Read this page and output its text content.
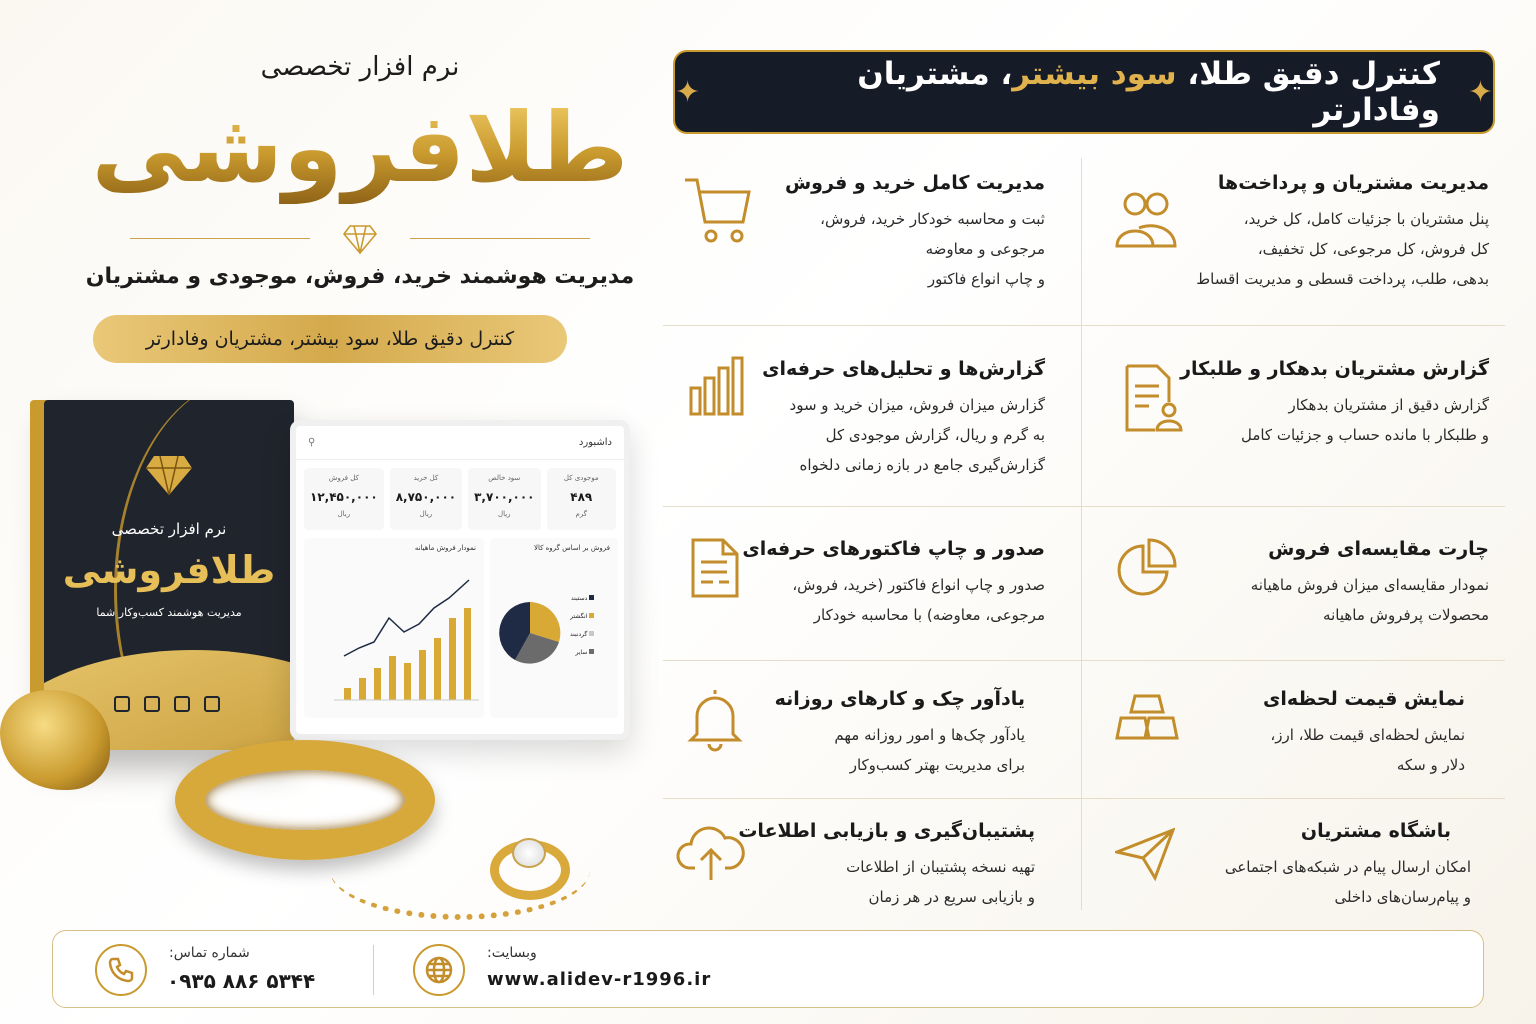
نرم افزار تخصصی
طلافروشی
مدیریت هوشمند خرید، فروش، موجودی و مشتریان
کنترل دقیق طلا، سود بیشتر، مشتریان وفادارتر
نرم افزار تخصصی
طلافروشی
مدیریت هوشمند کسب‌وکار شما
داشبورد
⚲
موجودی کل
۴۸۹
گرم
سود خالص
۳,۷۰۰,۰۰۰
ریال
کل خرید
۸,۷۵۰,۰۰۰
ریال
کل فروش
۱۲,۴۵۰,۰۰۰
ریال
نمودار فروش ماهیانه	فروش بر اساس گروه کالا
دستبند
انگشتر
گردنبند
سایر
✦	کنترل دقیق طلا، سود بیشتر، مشتریان وفادارتر ✦
مدیریت مشتریان و پرداخت‌ها

پنل مشتریان با جزئیات کامل، کل خرید،

کل فروش، کل مرجوعی، کل تخفیف،

بدهی، طلب، پرداخت قسطی و مدیریت اقساط

مدیریت کامل خرید و فروش

ثبت و محاسبه خودکار خرید، فروش،

مرجوعی و معاوضه

و چاپ انواع فاکتور

گزارش مشتریان بدهکار و طلبکار

گزارش دقیق از مشتریان بدهکار

و طلبکار با مانده حساب و جزئیات کامل

گزارش‌ها و تحلیل‌های حرفه‌ای

گزارش میزان فروش، میزان خرید و سود

به گرم و ریال، گزارش موجودی کل

گزارش‌گیری جامع در بازه زمانی دلخواه

چارت مقایسه‌ای فروش

نمودار مقایسه‌ای میزان فروش ماهیانه

محصولات پرفروش ماهیانه

صدور و چاپ فاکتورهای حرفه‌ای

صدور و چاپ انواع فاکتور (خرید، فروش،

مرجوعی، معاوضه) با محاسبه خودکار

نمایش قیمت لحظه‌ای

نمایش لحظه‌ای قیمت طلا، ارز،

دلار و سکه

یادآور چک و کارهای روزانه

یادآور چک‌ها و امور روزانه مهم

برای مدیریت بهتر کسب‌وکار

باشگاه مشتریان

امکان ارسال پیام در شبکه‌های اجتماعی

و پیام‌رسان‌های داخلی

پشتیبان‌گیری و بازیابی اطلاعات

تهیه نسخه پشتیبان از اطلاعات

و بازیابی سریع در هر زمان

شماره تماس:
۰۹۳۵ ۸۸۶ ۵۳۴۴
وبسایت:
www.alidev-r1996.ir
